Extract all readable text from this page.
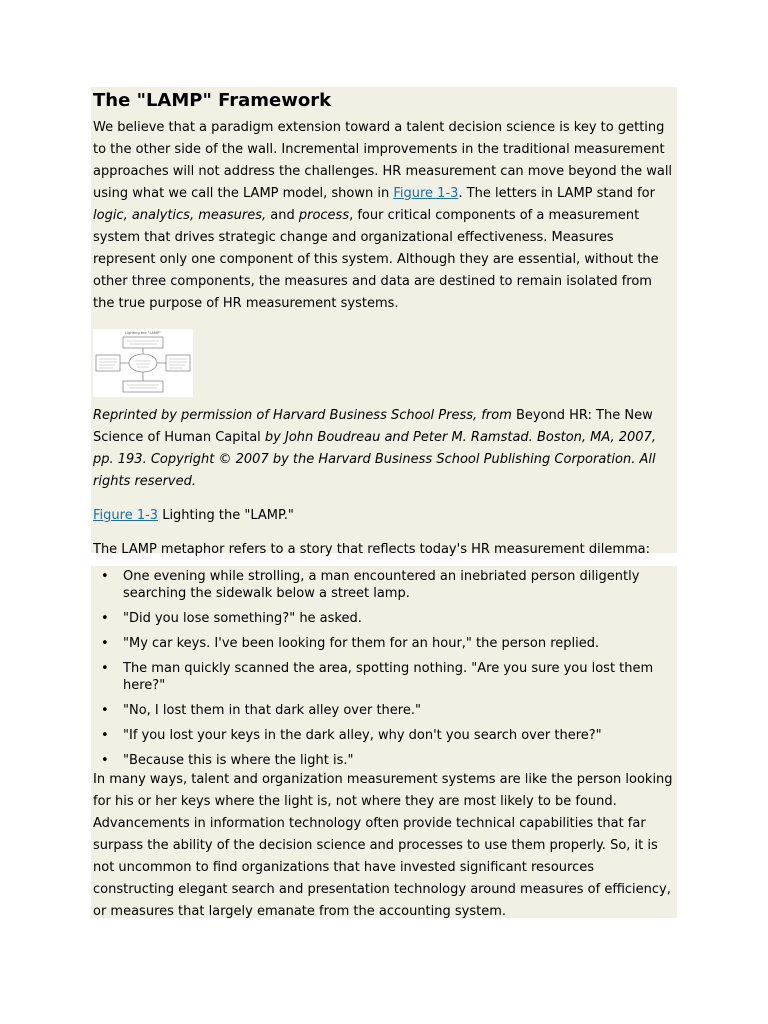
The "LAMP" Framework

We believe that a paradigm extension toward a talent decision science is key to getting to the other side of the wall. Incremental improvements in the traditional measurement approaches will not address the challenges. HR measurement can move beyond the wall using what we call the LAMP model, shown in Figure 1-3. The letters in LAMP stand for logic, analytics, measures, and process, four critical components of a measurement system that drives strategic change and organizational effectiveness. Measures represent only one component of this system. Although they are essential, without the other three components, the measures and data are destined to remain isolated from the true purpose of HR measurement systems.

Lighting the "LAMP"

Reprinted by permission of Harvard Business School Press, from Beyond HR: The New Science of Human Capital by John Boudreau and Peter M. Ramstad. Boston, MA, 2007, pp. 193. Copyright © 2007 by the Harvard Business School Publishing Corporation. All rights reserved.

Figure 1-3 Lighting the "LAMP."

The LAMP metaphor refers to a story that reflects today's HR measurement dilemma:

• One evening while strolling, a man encountered an inebriated person diligently searching the sidewalk below a street lamp.
• "Did you lose something?" he asked.
• "My car keys. I've been looking for them for an hour," the person replied.
• The man quickly scanned the area, spotting nothing. "Are you sure you lost them here?"
• "No, I lost them in that dark alley over there."
• "If you lost your keys in the dark alley, why don't you search over there?"
• "Because this is where the light is."

In many ways, talent and organization measurement systems are like the person looking for his or her keys where the light is, not where they are most likely to be found. Advancements in information technology often provide technical capabilities that far surpass the ability of the decision science and processes to use them properly. So, it is not uncommon to find organizations that have invested significant resources constructing elegant search and presentation technology around measures of efficiency, or measures that largely emanate from the accounting system.
